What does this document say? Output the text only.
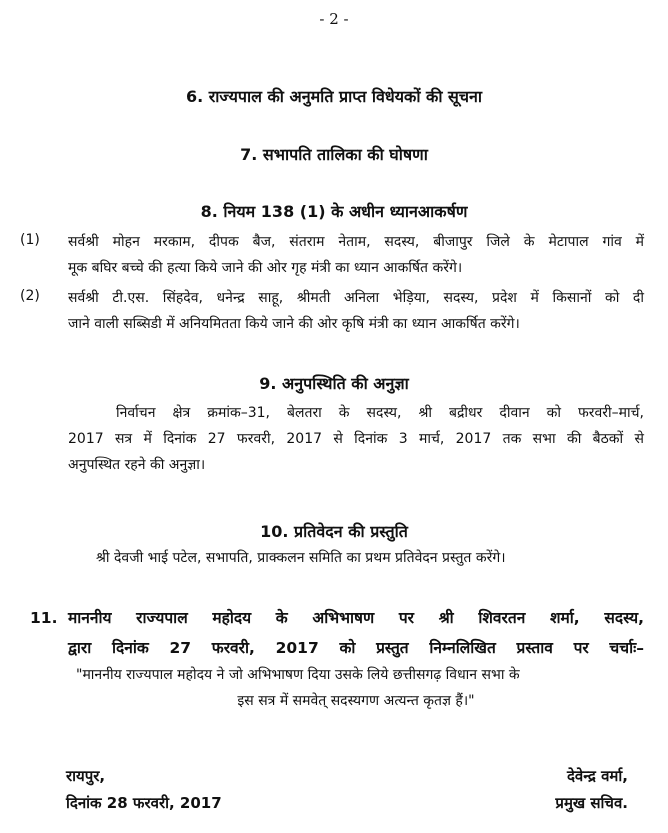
- 2 -
6. राज्यपाल की अनुमति प्राप्त विधेयकों की सूचना
7. सभापति तालिका की घोषणा
8. नियम 138 (1) के अधीन ध्यानआकर्षण
(1) सर्वश्री मोहन मरकाम, दीपक बैज, संतराम नेताम, सदस्य, बीजापुर जिले के मेटापाल गांव में
मूक बघिर बच्चे की हत्या किये जाने की ओर गृह मंत्री का ध्यान आकर्षित करेंगे।
(2) सर्वश्री टी.एस. सिंहदेव, धनेन्द्र साहू, श्रीमती अनिला भेड़िया, सदस्य, प्रदेश में किसानों को दी
जाने वाली सब्सिडी में अनियमितता किये जाने की ओर कृषि मंत्री का ध्यान आकर्षित करेंगे।
9. अनुपस्थिति की अनुज्ञा
निर्वाचन क्षेत्र क्रमांक–31, बेलतरा के सदस्य, श्री बद्रीधर दीवान को फरवरी–मार्च,
2017 सत्र में दिनांक 27 फरवरी, 2017 से दिनांक 3 मार्च, 2017 तक सभा की बैठकों से
अनुपस्थित रहने की अनुज्ञा।
10. प्रतिवेदन की प्रस्तुति
श्री देवजी भाई पटेल, सभापति, प्राक्कलन समिति का प्रथम प्रतिवेदन प्रस्तुत करेंगे।
11. माननीय राज्यपाल महोदय के अभिभाषण पर श्री शिवरतन शर्मा, सदस्य,
द्वारा दिनांक 27 फरवरी, 2017 को प्रस्तुत निम्नलिखित प्रस्ताव पर चर्चाः–
"माननीय राज्यपाल महोदय ने जो अभिभाषण दिया उसके लिये छत्तीसगढ़ विधान सभा के
इस सत्र में समवेत् सदस्यगण अत्यन्त कृतज्ञ हैं।"
रायपुर,
दिनांक 28 फरवरी, 2017
देवेन्द्र वर्मा,
प्रमुख सचिव.
